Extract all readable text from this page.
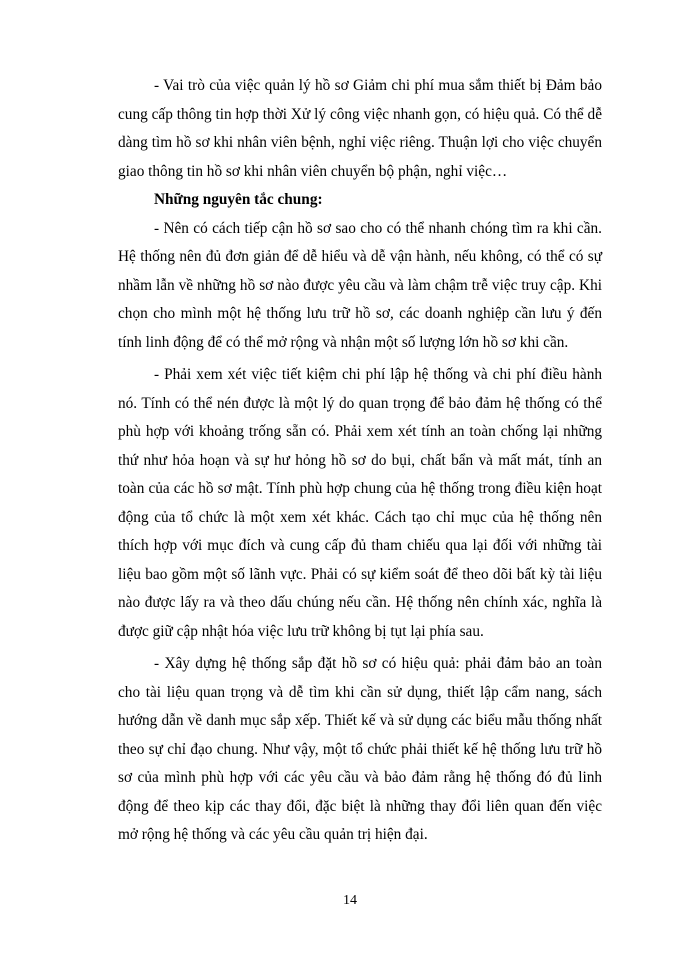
- Vai trò của việc quản lý hồ sơ Giảm chi phí mua sắm thiết bị Đảm bảo cung cấp thông tin hợp thời Xử lý công việc nhanh gọn, có hiệu quả. Có thể dễ dàng tìm hồ sơ khi nhân viên bệnh, nghỉ việc riêng. Thuận lợi cho việc chuyển giao thông tin hồ sơ khi nhân viên chuyển bộ phận, nghỉ việc…

Những nguyên tắc chung:

- Nên có cách tiếp cận hồ sơ sao cho có thể nhanh chóng tìm ra khi cần. Hệ thống nên đủ đơn giản để dễ hiểu và dễ vận hành, nếu không, có thể có sự nhầm lẫn về những hồ sơ nào được yêu cầu và làm chậm trễ việc truy cập. Khi chọn cho mình một hệ thống lưu trữ hồ sơ, các doanh nghiệp cần lưu ý đến tính linh động để có thể mở rộng và nhận một số lượng lớn hồ sơ khi cần.

- Phải xem xét việc tiết kiệm chi phí lập hệ thống và chi phí điều hành nó. Tính có thể nén được là một lý do quan trọng để bảo đảm hệ thống có thể phù hợp với khoảng trống sẵn có. Phải xem xét tính an toàn chống lại những thứ như hỏa hoạn và sự hư hỏng hồ sơ do bụi, chất bẩn và mất mát, tính an toàn của các hồ sơ mật. Tính phù hợp chung của hệ thống trong điều kiện hoạt động của tổ chức là một xem xét khác. Cách tạo chỉ mục của hệ thống nên thích hợp với mục đích và cung cấp đủ tham chiếu qua lại đối với những tài liệu bao gồm một số lãnh vực. Phải có sự kiểm soát để theo dõi bất kỳ tài liệu nào được lấy ra và theo dấu chúng nếu cần. Hệ thống nên chính xác, nghĩa là được giữ cập nhật hóa việc lưu trữ không bị tụt lại phía sau.

- Xây dựng hệ thống sắp đặt hồ sơ có hiệu quả: phải đảm bảo an toàn cho tài liệu quan trọng và dễ tìm khi cần sử dụng, thiết lập cẩm nang, sách hướng dẫn về danh mục sắp xếp. Thiết kế và sử dụng các biểu mẫu thống nhất theo sự chỉ đạo chung. Như vậy, một tổ chức phải thiết kế hệ thống lưu trữ hồ sơ của mình phù hợp với các yêu cầu và bảo đảm rằng hệ thống đó đủ linh động để theo kịp các thay đổi, đặc biệt là những thay đổi liên quan đến việc mở rộng hệ thống và các yêu cầu quản trị hiện đại.

14
